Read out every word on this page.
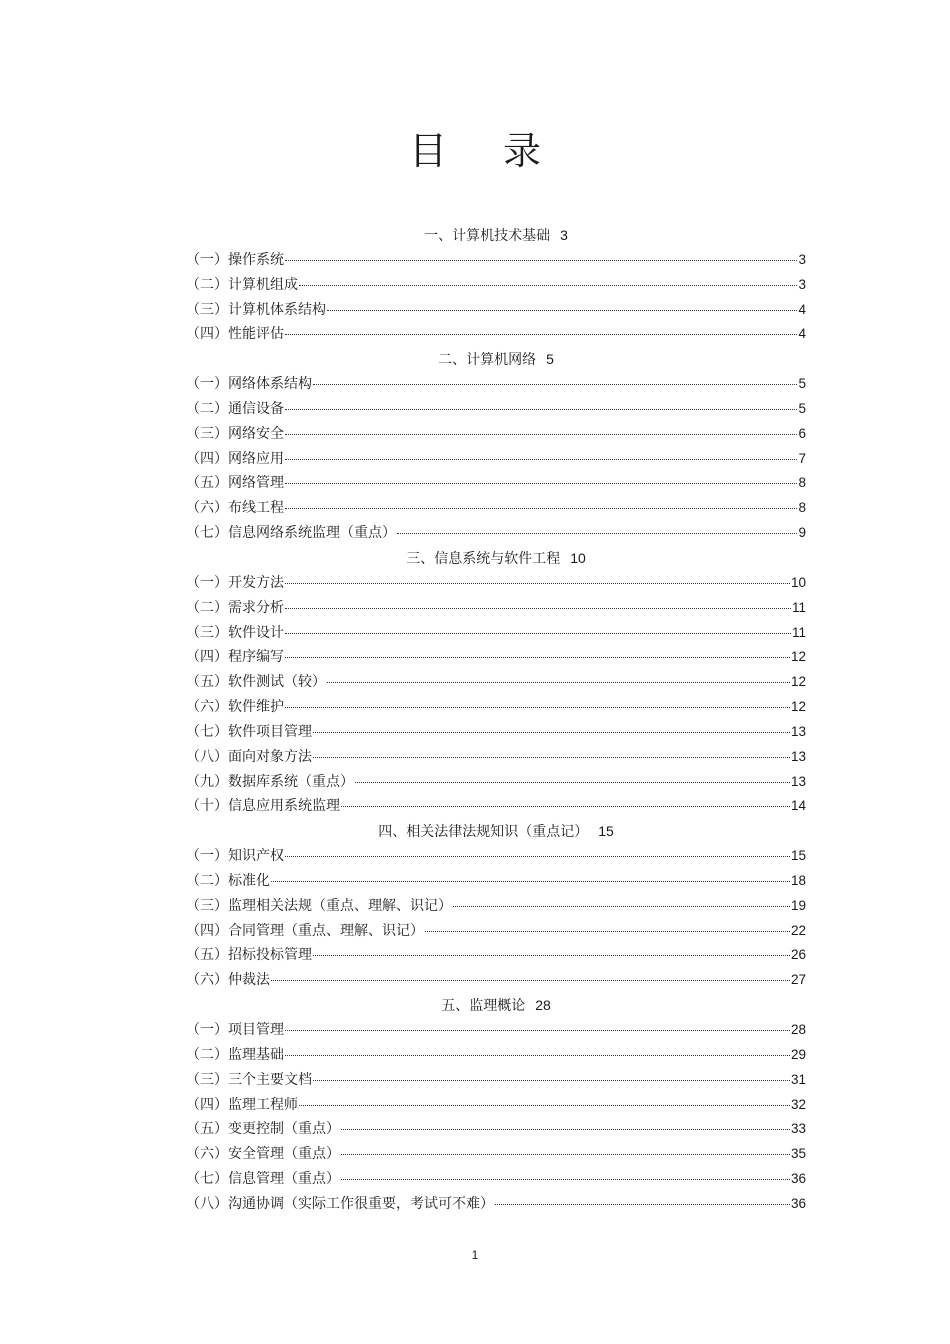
目 录
一、计算机技术基础 3
（一）操作系统	3
（二）计算机组成	3
（三）计算机体系结构	4
（四）性能评估	4
二、计算机网络 5
（一）网络体系结构	5
（二）通信设备	5
（三）网络安全	6
（四）网络应用	7
（五）网络管理	8
（六）布线工程	8
（七）信息网络系统监理（重点）	9
三、信息系统与软件工程 10
（一）开发方法	10
（二）需求分析	11
（三）软件设计	11
（四）程序编写	12
（五）软件测试（较）	12
（六）软件维护	12
（七）软件项目管理	13
（八）面向对象方法	13
（九）数据库系统（重点）	13
（十）信息应用系统监理	14
四、相关法律法规知识（重点记） 15
（一）知识产权	15
（二）标准化	18
（三）监理相关法规（重点、理解、识记）	19
（四）合同管理（重点、理解、识记）	22
（五）招标投标管理	26
（六）仲裁法	27
五、监理概论 28
（一）项目管理	28
（二）监理基础	29
（三）三个主要文档	31
（四）监理工程师	32
（五）变更控制（重点）	33
（六）安全管理（重点）	35
（七）信息管理（重点）	36
（八）沟通协调（实际工作很重要，考试可不难）	36
1
